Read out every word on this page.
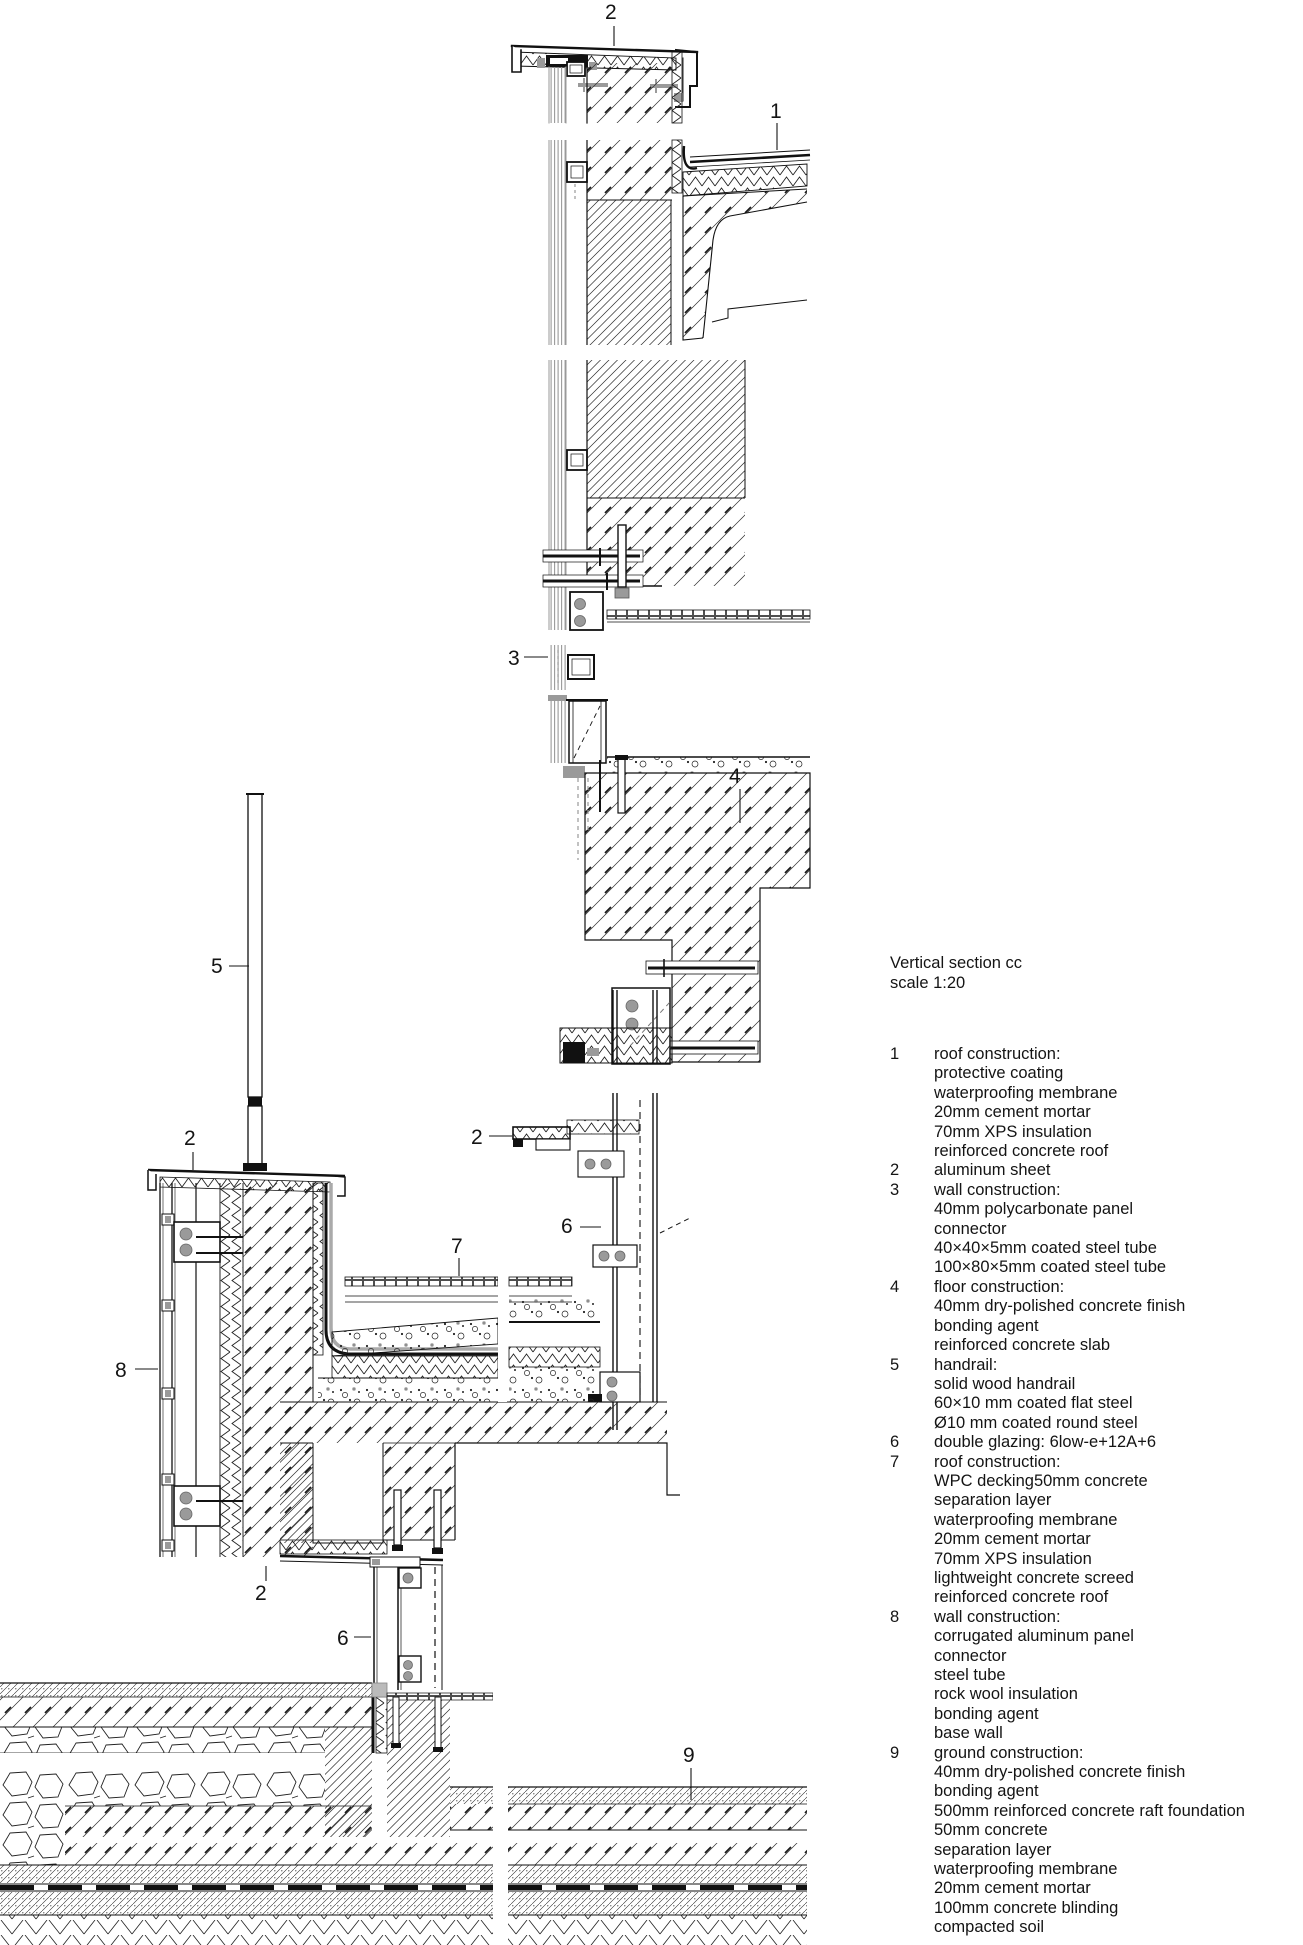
2
1
3
4
5
2	2
6
7
8
2
6
9
Vertical section cc
scale 1:20
1	roof construction:
protective coating
waterproofing membrane
20mm cement mortar
70mm XPS insulation
reinforced concrete roof
2	aluminum sheet
3	wall construction:
40mm polycarbonate panel
connector
40×40×5mm coated steel tube
100×80×5mm coated steel tube
4	floor construction:
40mm dry-polished concrete finish
bonding agent
reinforced concrete slab
5	handrail:
solid wood handrail
60×10 mm coated flat steel
Ø10 mm coated round steel
6	double glazing: 6low-e+12A+6
7	roof construction:
WPC decking50mm concrete
separation layer
waterproofing membrane
20mm cement mortar
70mm XPS insulation
lightweight concrete screed
reinforced concrete roof
8	wall construction:
corrugated aluminum panel
connector
steel tube
rock wool insulation
bonding agent
base wall
9	ground construction:
40mm dry-polished concrete finish
bonding agent
500mm reinforced concrete raft foundation
50mm concrete
separation layer
waterproofing membrane
20mm cement mortar
100mm concrete blinding
compacted soil
